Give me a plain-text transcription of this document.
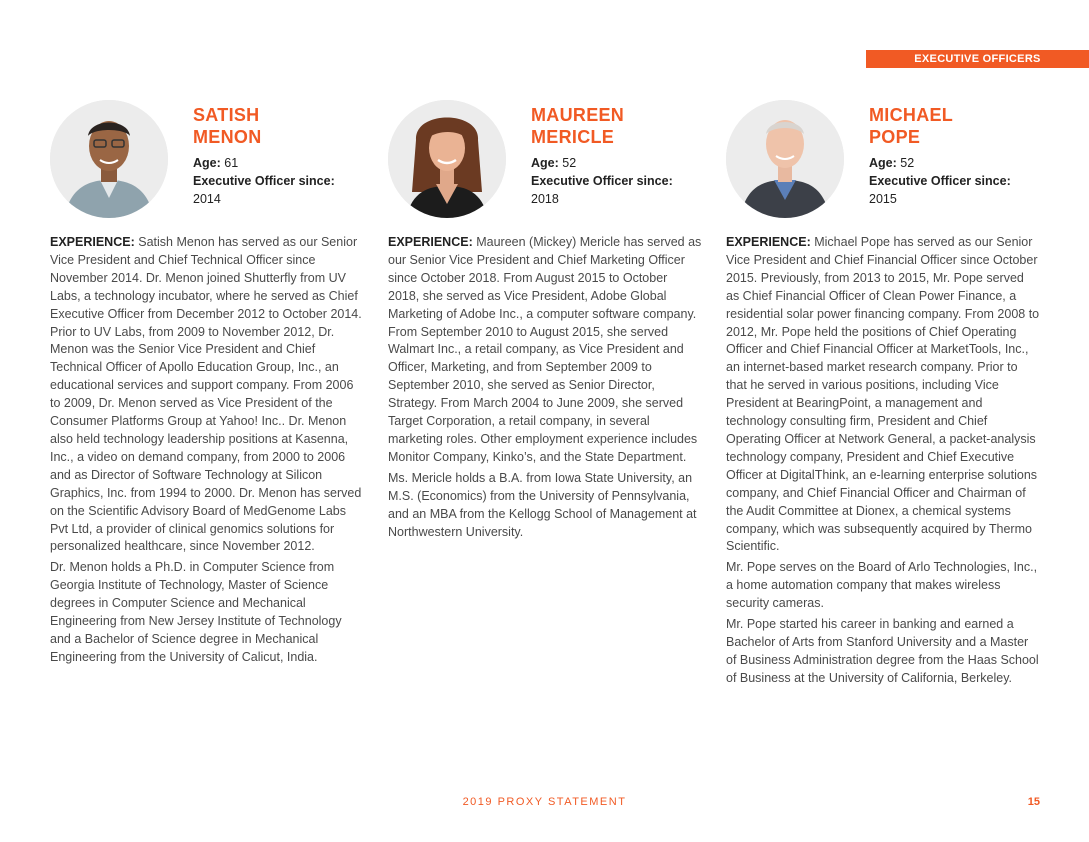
EXECUTIVE OFFICERS
SATISH
MENON
Age: 61
Executive Officer since:
2014

EXPERIENCE: Satish Menon has served as our Senior Vice President and Chief Technical Officer since November 2014. Dr. Menon joined Shutterfly from UV Labs, a technology incubator, where he served as Chief Executive Officer from December 2012 to October 2014. Prior to UV Labs, from 2009 to November 2012, Dr. Menon was the Senior Vice President and Chief Technical Officer of Apollo Education Group, Inc., an educational services and support company. From 2006 to 2009, Dr. Menon served as Vice President of the Consumer Platforms Group at Yahoo! Inc.. Dr. Menon also held technology leadership positions at Kasenna, Inc., a video on demand company, from 2000 to 2006 and as Director of Software Technology at Silicon Graphics, Inc. from 1994 to 2000. Dr. Menon has served on the Scientific Advisory Board of MedGenome Labs Pvt Ltd, a provider of clinical genomics solutions for personalized healthcare, since November 2012.

Dr. Menon holds a Ph.D. in Computer Science from Georgia Institute of Technology, Master of Science degrees in Computer Science and Mechanical Engineering from New Jersey Institute of Technology and a Bachelor of Science degree in Mechanical Engineering from the University of Calicut, India.

MAUREEN
MERICLE
Age: 52
Executive Officer since:
2018

EXPERIENCE: Maureen (Mickey) Mericle has served as our Senior Vice President and Chief Marketing Officer since October 2018. From August 2015 to October 2018, she served as Vice President, Adobe Global Marketing of Adobe Inc., a computer software company. From September 2010 to August 2015, she served Walmart Inc., a retail company, as Vice President and Officer, Marketing, and from September 2009 to September 2010, she served as Senior Director, Strategy. From March 2004 to June 2009, she served Target Corporation, a retail company, in several marketing roles. Other employment experience includes Monitor Company, Kinko’s, and the State Department.

Ms. Mericle holds a B.A. from Iowa State University, an M.S. (Economics) from the University of Pennsylvania, and an MBA from the Kellogg School of Management at Northwestern University.

MICHAEL
POPE
Age: 52
Executive Officer since:
2015

EXPERIENCE: Michael Pope has served as our Senior Vice President and Chief Financial Officer since October 2015. Previously, from 2013 to 2015, Mr. Pope served as Chief Financial Officer of Clean Power Finance, a residential solar power financing company. From 2008 to 2012, Mr. Pope held the positions of Chief Operating Officer and Chief Financial Officer at MarketTools, Inc., an internet-based market research company. Prior to that he served in various positions, including Vice President at BearingPoint, a management and technology consulting firm, President and Chief Operating Officer at Network General, a packet-analysis technology company, President and Chief Executive Officer at DigitalThink, an e-learning enterprise solutions company, and Chief Financial Officer and Chairman of the Audit Committee at Dionex, a chemical systems company, which was subsequently acquired by Thermo Scientific.

Mr. Pope serves on the Board of Arlo Technologies, Inc., a home automation company that makes wireless security cameras.

Mr. Pope started his career in banking and earned a Bachelor of Arts from Stanford University and a Master of Business Administration degree from the Haas School of Business at the University of California, Berkeley.

2019 PROXY STATEMENT	15
